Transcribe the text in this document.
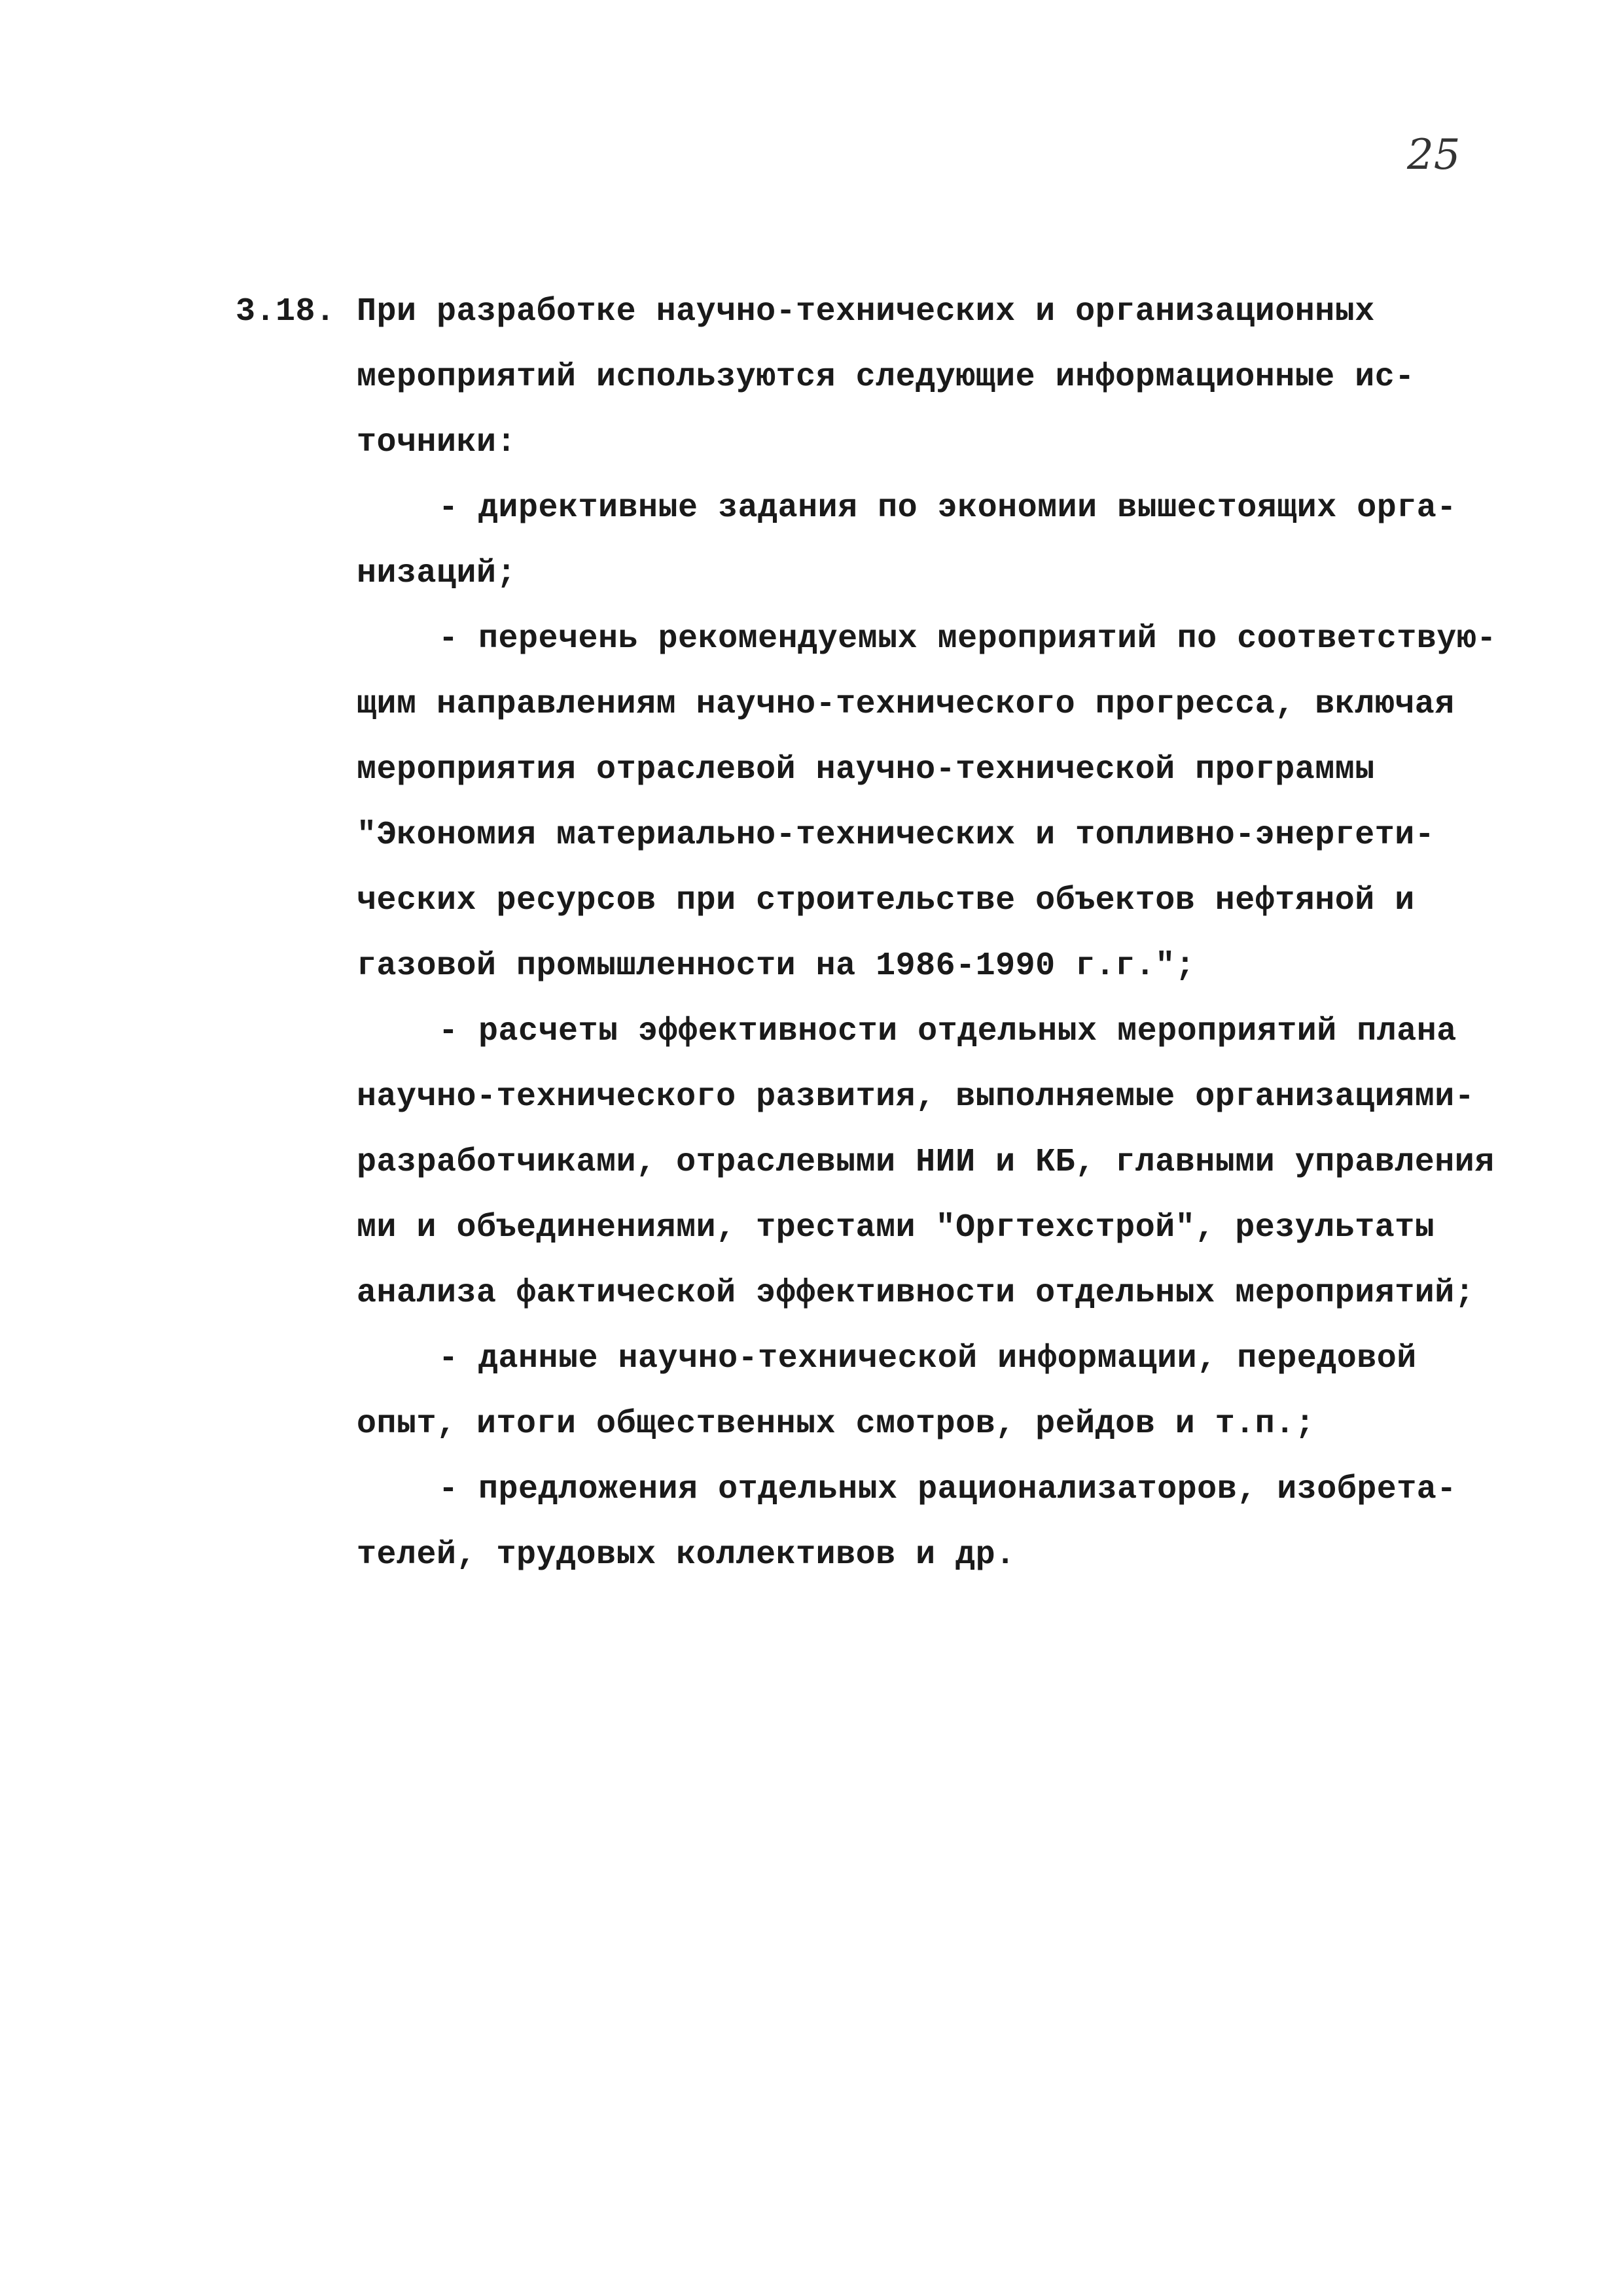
25
3.18. При разработке научно-технических и организационных
мероприятий используются следующие информационные ис-
точники:
- директивные задания по экономии вышестоящих орга-
низаций;
- перечень рекомендуемых мероприятий по соответствую-
щим направлениям научно-технического прогресса, включая
мероприятия отраслевой научно-технической программы
"Экономия материально-технических и топливно-энергети-
ческих ресурсов при строительстве объектов нефтяной и
газовой промышленности на 1986-1990 г.г.";
- расчеты эффективности отдельных мероприятий плана
научно-технического развития, выполняемые организациями-
разработчиками, отраслевыми НИИ и КБ, главными управления
ми и объединениями, трестами "Оргтехстрой", результаты
анализа фактической эффективности отдельных мероприятий;
- данные научно-технической информации, передовой
опыт, итоги общественных смотров, рейдов и т.п.;
- предложения отдельных рационализаторов, изобрета-
телей, трудовых коллективов и др.
